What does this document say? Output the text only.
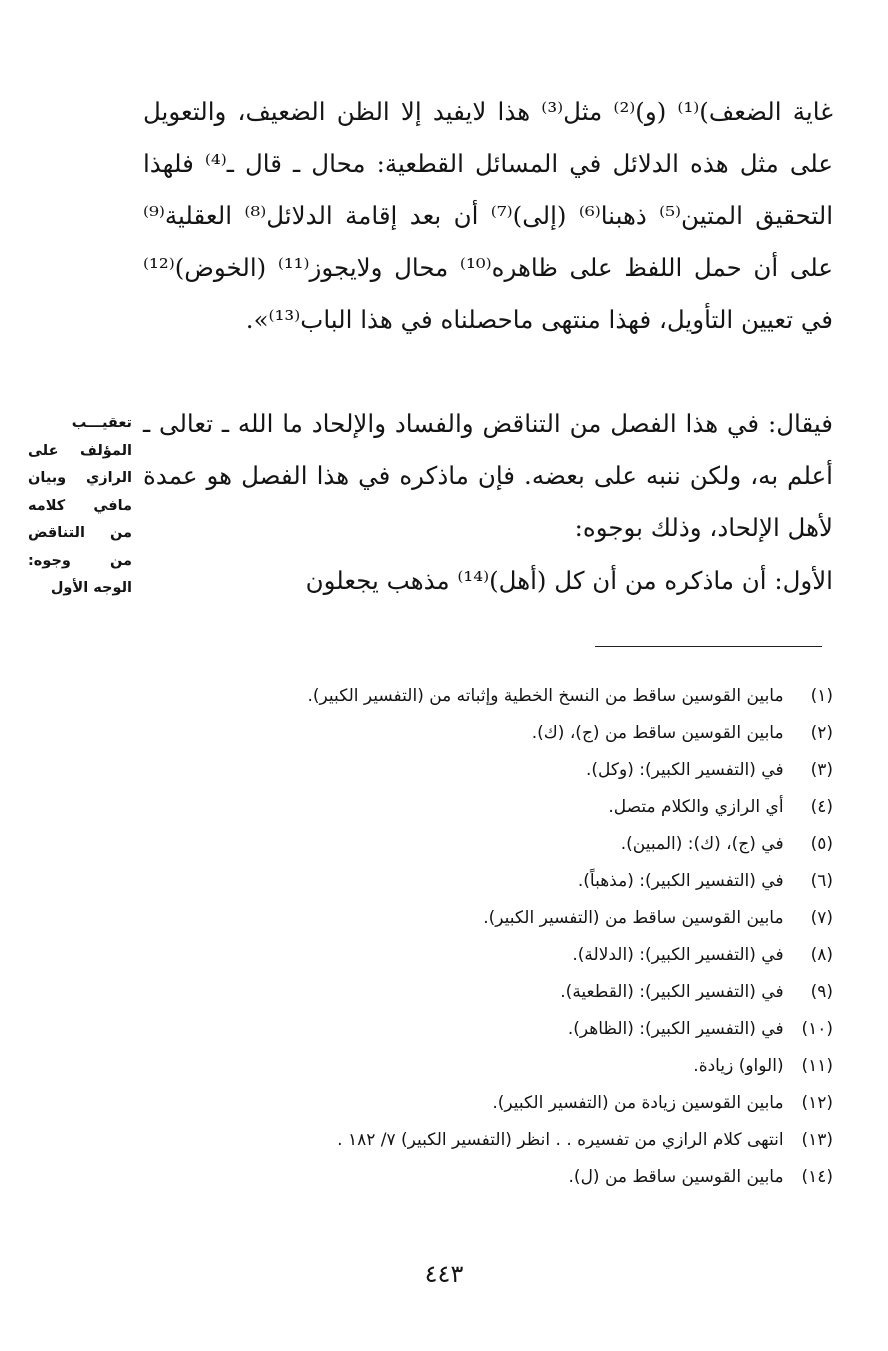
غاية الضعف)⁽¹⁾ (و)⁽²⁾ مثل⁽³⁾ هذا لايفيد إلا الظن الضعيف، والتعويل على مثل هذه الدلائل في المسائل القطعية: محال ـ قال ـ⁽⁴⁾ فلهذا التحقيق المتين⁽⁵⁾ ذهبنا⁽⁶⁾ (إلى)⁽⁷⁾ أن بعد إقامة الدلائل⁽⁸⁾ العقلية⁽⁹⁾ على أن حمل اللفظ على ظاهره⁽¹⁰⁾ محال ولايجوز⁽¹¹⁾ (الخوض)⁽¹²⁾ في تعيين التأويل، فهذا منتهى ماحصلناه في هذا الباب⁽¹³⁾».

فيقال: في هذا الفصل من التناقض والفساد والإلحاد ما الله ـ تعالى ـ أعلم به، ولكن ننبه على بعضه. فإن ماذكره في هذا الفصل هو عمدة لأهل الإلحاد، وذلك بوجوه:

الأول: أن ماذكره من أن كل (أهل)⁽¹⁴⁾ مذهب يجعلون

تعقيـــب المؤلف على الرازي وبيان مافي كلامه من التناقض من وجوه: الوجه الأول

(١) مابين القوسين ساقط من النسخ الخطية وإثباته من (التفسير الكبير).
(٢) مابين القوسين ساقط من (ج)، (ك).
(٣) في (التفسير الكبير): (وكل).
(٤) أي الرازي والكلام متصل.
(٥) في (ج)، (ك): (المبين).
(٦) في (التفسير الكبير): (مذهباً).
(٧) مابين القوسين ساقط من (التفسير الكبير).
(٨) في (التفسير الكبير): (الدلالة).
(٩) في (التفسير الكبير): (القطعية).
(١٠) في (التفسير الكبير): (الظاهر).
(١١) (الواو) زيادة.
(١٢) مابين القوسين زيادة من (التفسير الكبير).
(١٣) انتهى كلام الرازي من تفسيره . . انظر (التفسير الكبير) ٧/ ١٨٢ .
(١٤) مابين القوسين ساقط من (ل).
٤٤٣
